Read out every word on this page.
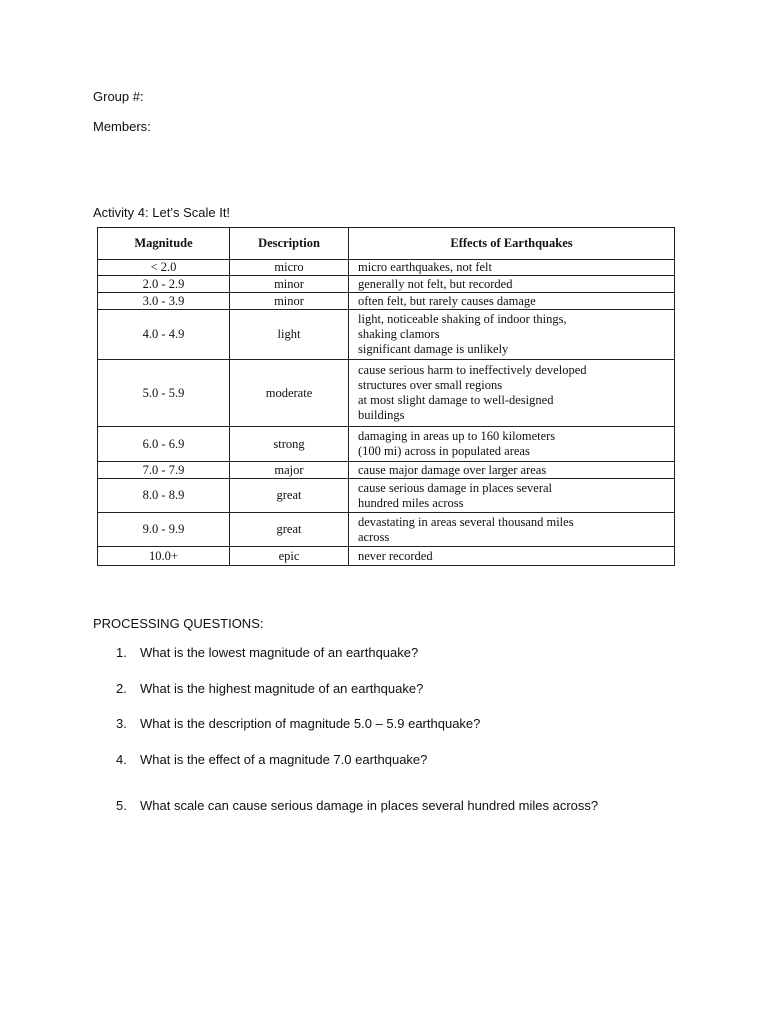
Group #:
Members:
Activity 4: Let’s Scale It!
Magnitude	Description	Effects of Earthquakes
< 2.0	micro	micro earthquakes, not felt

2.0 - 2.9	minor	generally not felt, but recorded

3.0 - 3.9	minor	often felt, but rarely causes damage

4.0 - 4.9	light	light, noticeable shaking of indoor things,
shaking clamors
significant damage is unlikely

5.0 - 5.9	moderate	cause serious harm to ineffectively developed
structures over small regions
at most slight damage to well-designed
buildings

6.0 - 6.9	strong	damaging in areas up to 160 kilometers
(100 mi) across in populated areas

7.0 - 7.9	major	cause major damage over larger areas

8.0 - 8.9	great	cause serious damage in places several
hundred miles across

9.0 - 9.9	great	devastating in areas several thousand miles
across

10.0+	epic	never recorded
PROCESSING QUESTIONS:
1. What is the lowest magnitude of an earthquake?
2. What is the highest magnitude of an earthquake?
3. What is the description of magnitude 5.0 – 5.9 earthquake?
4. What is the effect of a magnitude 7.0 earthquake?
5. What scale can cause serious damage in places several hundred miles across?
